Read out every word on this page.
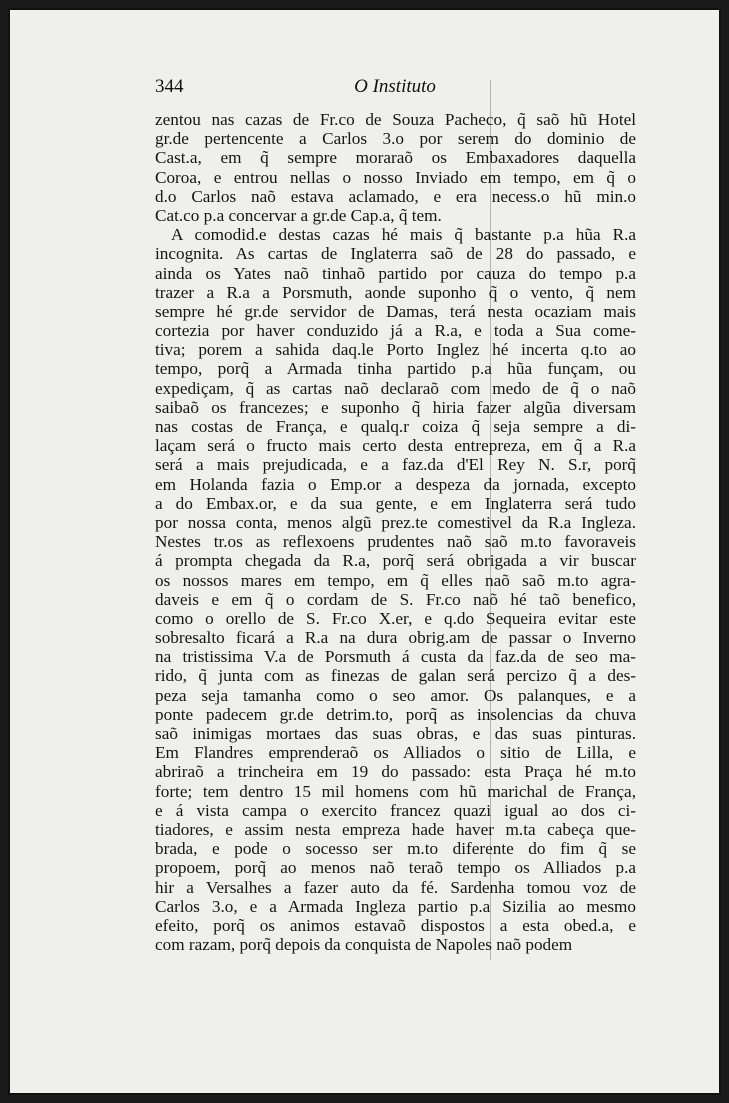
344	O Instituto
zentou nas cazas de Fr.co de Souza Pacheco, q̃ saõ hũ Hotel
gr.de pertencente a Carlos 3.o por serem do dominio de
Cast.a, em q̃ sempre moraraõ os Embaxadores daquella
Coroa, e entrou nellas o nosso Inviado em tempo, em q̃ o
d.o Carlos naõ estava aclamado, e era necess.o hũ min.o
Cat.co p.a concervar a gr.de Cap.a, q̃ tem.
A comodid.e destas cazas hé mais q̃ bastante p.a hũa R.a
incognita. As cartas de Inglaterra saõ de 28 do passado, e
ainda os Yates naõ tinhaõ partido por cauza do tempo p.a
trazer a R.a a Porsmuth, aonde suponho q̃ o vento, q̃ nem
sempre hé gr.de servidor de Damas, terá nesta ocaziam mais
cortezia por haver conduzido já a R.a, e toda a Sua come-
tiva; porem a sahida daq.le Porto Inglez hé incerta q.to ao
tempo, porq̃ a Armada tinha partido p.a hũa funçam, ou
expediçam, q̃ as cartas naõ declaraõ com medo de q̃ o naõ
saibaõ os francezes; e suponho q̃ hiria fazer algũa diversam
nas costas de França, e qualq.r coiza q̃ seja sempre a di-
laçam será o fructo mais certo desta entrepreza, em q̃ a R.a
será a mais prejudicada, e a faz.da d'El Rey N. S.r, porq̃
em Holanda fazia o Emp.or a despeza da jornada, excepto
a do Embax.or, e da sua gente, e em Inglaterra será tudo
por nossa conta, menos algũ prez.te comestivel da R.a Ingleza.
Nestes tr.os as reflexoens prudentes naõ saõ m.to favoraveis
á prompta chegada da R.a, porq̃ será obrigada a vir buscar
os nossos mares em tempo, em q̃ elles naõ saõ m.to agra-
daveis e em q̃ o cordam de S. Fr.co naõ hé taõ benefico,
como o orello de S. Fr.co X.er, e q.do Sequeira evitar este
sobresalto ficará a R.a na dura obrig.am de passar o Inverno
na tristissima V.a de Porsmuth á custa da faz.da de seo ma-
rido, q̃ junta com as finezas de galan será percizo q̃ a des-
peza seja tamanha como o seo amor. Os palanques, e a
ponte padecem gr.de detrim.to, porq̃ as insolencias da chuva
saõ inimigas mortaes das suas obras, e das suas pinturas.
Em Flandres emprenderaõ os Alliados o sitio de Lilla, e
abriraõ a trincheira em 19 do passado: esta Praça hé m.to
forte; tem dentro 15 mil homens com hũ marichal de França,
e á vista campa o exercito francez quazi igual ao dos ci-
tiadores, e assim nesta empreza hade haver m.ta cabeça que-
brada, e pode o socesso ser m.to diferente do fim q̃ se
propoem, porq̃ ao menos naõ teraõ tempo os Alliados p.a
hir a Versalhes a fazer auto da fé. Sardenha tomou voz de
Carlos 3.o, e a Armada Ingleza partio p.a Sizilia ao mesmo
efeito, porq̃ os animos estavaõ dispostos a esta obed.a, e
com razam, porq̃ depois da conquista de Napoles naõ podem
